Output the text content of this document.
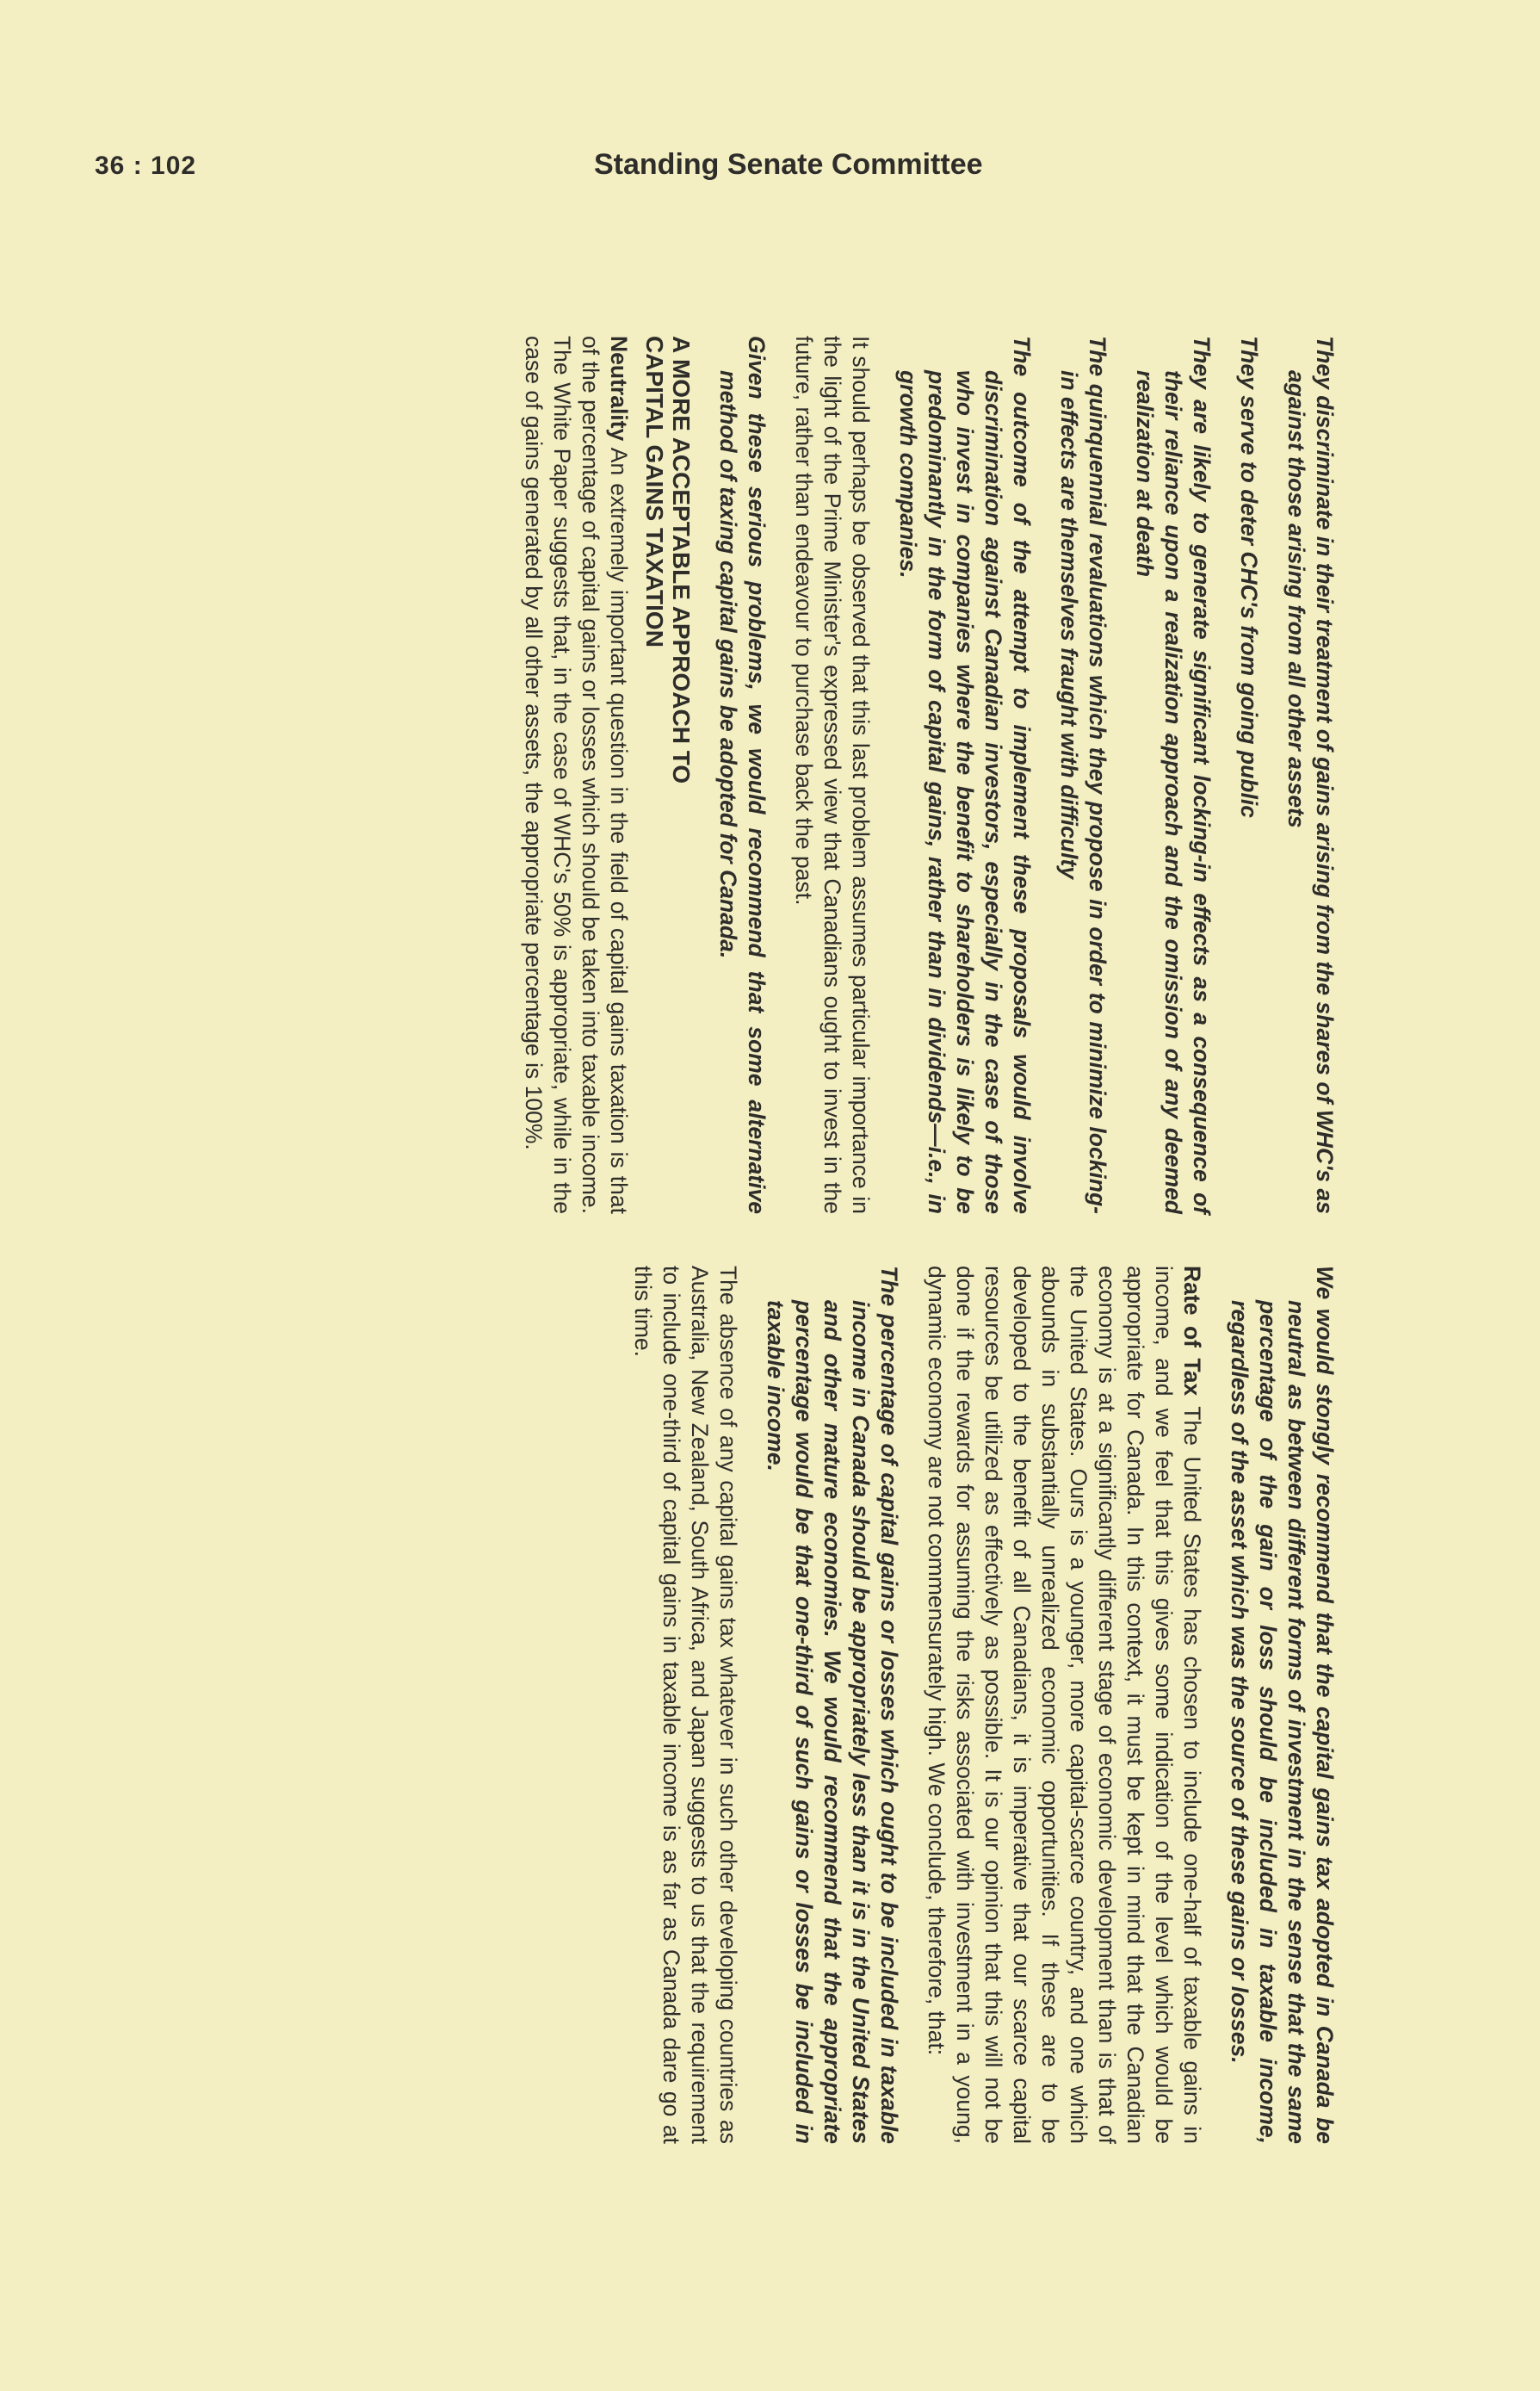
36 : 102	Standing Senate Committee

They discriminate in their treatment of gains arising from the shares of WHC's as against those arising from all other assets

They serve to deter CHC's from going public

They are likely to generate significant locking-in effects as a consequence of their reliance upon a realization approach and the omission of any deemed realization at death

The quinquennial revaluations which they propose in order to minimize locking-in effects are themselves fraught with difficulty

The outcome of the attempt to implement these proposals would involve discrimination against Canadian investors, especially in the case of those who invest in companies where the benefit to shareholders is likely to be predominantly in the form of capital gains, rather than in dividends—i.e., in growth companies.

It should perhaps be observed that this last problem assumes particular importance in the light of the Prime Minister's expressed view that Canadians ought to invest in the future, rather than endeavour to purchase back the past.

Given these serious problems, we would recommend that some alternative method of taxing capital gains be adopted for Canada.

A MORE ACCEPTABLE APPROACH TO
CAPITAL GAINS TAXATION

Neutrality An extremely important question in the field of capital gains taxation is that of the percentage of capital gains or losses which should be taken into taxable income. The White Paper suggests that, in the case of WHC's 50% is appropriate, while in the case of gains generated by all other assets, the appropriate percentage is 100%.

We would stongly recommend that the capital gains tax adopted in Canada be neutral as between different forms of investment in the sense that the same percentage of the gain or loss should be included in taxable income, regardless of the asset which was the source of these gains or losses.

Rate of Tax The United States has chosen to include one-half of taxable gains in income, and we feel that this gives some indication of the level which would be appropriate for Canada. In this context, it must be kept in mind that the Canadian economy is at a significantly different stage of economic development than is that of the United States. Ours is a younger, more capital-scarce country, and one which abounds in substantially unrealized economic opportunities. If these are to be developed to the benefit of all Canadians, it is imperative that our scarce capital resources be utilized as effectively as possible. It is our opinion that this will not be done if the rewards for assuming the risks associated with investment in a young, dynamic economy are not commensurately high. We conclude, therefore, that:

The percentage of capital gains or losses which ought to be included in taxable income in Canada should be appropriately less than it is in the United States and other mature economies. We would recommend that the appropriate percentage would be that one-third of such gains or losses be included in taxable income.

The absence of any capital gains tax whatever in such other developing countries as Australia, New Zealand, South Africa, and Japan suggests to us that the requirement to include one-third of capital gains in taxable income is as far as Canada dare go at this time.
